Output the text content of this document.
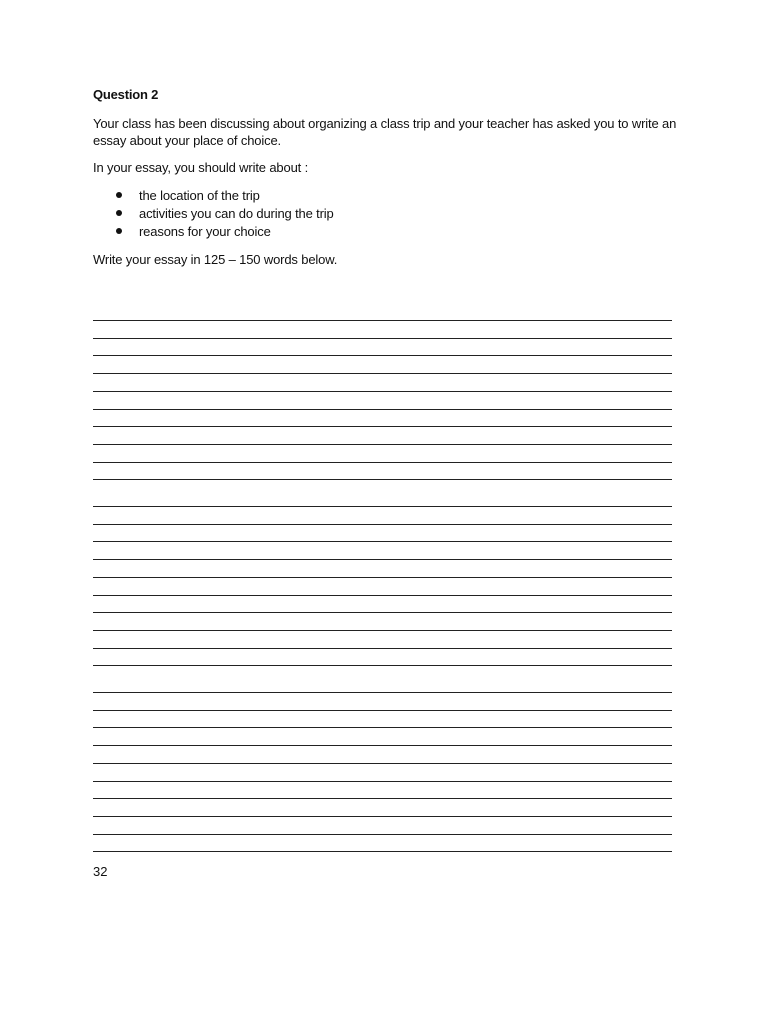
Question 2
Your class has been discussing about organizing a class trip and your teacher has asked you to write an essay about your place of choice.
In your essay, you should write about :
the location of the trip
activities you can do during the trip
reasons for your choice
Write your essay in 125 – 150 words below.
32
